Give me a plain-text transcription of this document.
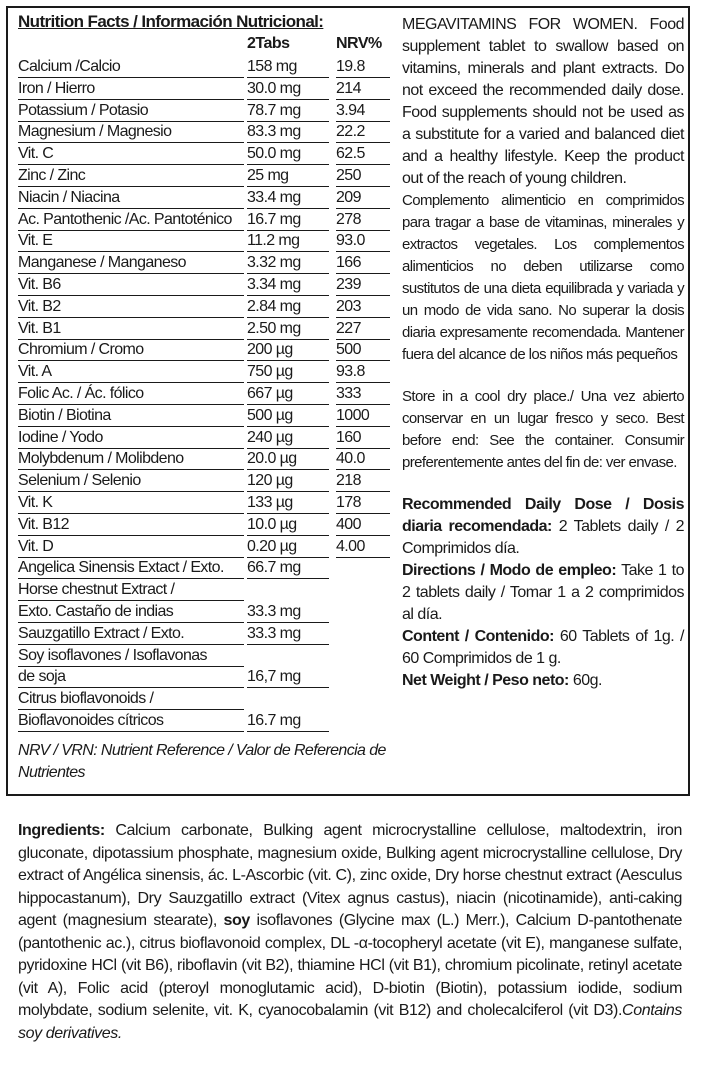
Nutrition Facts / Información Nutricional:
2Tabs	NRV%
Calcium /Calcio	158 mg 19.8
Iron / Hierro	30.0 mg 214
Potassium / Potasio	78.7 mg 3.94
Magnesium / Magnesio	83.3 mg 22.2
Vit. C	50.0 mg 62.5
Zinc / Zinc	25 mg	250
Niacin / Niacina	33.4 mg 209
Ac. Pantothenic /Ac. Pantoténico 16.7 mg 278
Vit. E	11.2 mg 93.0
Manganese / Manganeso	3.32 mg 166
Vit. B6	3.34 mg 239
Vit. B2	2.84 mg 203
Vit. B1	2.50 mg 227
Chromium / Cromo	200 µg	500
Vit. A	750 µg	93.8
Folic Ac. / Ác. fólico	667 µg	333
Biotin / Biotina	500 µg	1000
Iodine / Yodo	240 µg	160
Molybdenum / Molibdeno	20.0 µg 40.0
Selenium / Selenio	120 µg	218
Vit. K	133 µg	178
Vit. B12	10.0 µg 400
Vit. D	0.20 µg 4.00
Angelica Sinensis Extact / Exto. 66.7 mg
Horse chestnut Extract /
Exto. Castaño de indias	33.3 mg
Sauzgatillo Extract / Exto.	33.3 mg
Soy isoflavones / Isoflavonas
de soja	16,7 mg
Citrus bioflavonoids /
Bioflavonoides cítricos	16.7 mg
NRV / VRN: Nutrient Reference / Valor de Referencia de Nutrientes

MEGAVITAMINS FOR WOMEN. Food supplement tablet to swallow based on vitamins, minerals and plant extracts. Do not exceed the recommended daily dose. Food supplements should not be used as a substitute for a varied and balanced diet and a healthy lifestyle. Keep the product out of the reach of young children.

Complemento alimenticio en comprimidos para tragar a base de vitaminas, minerales y extractos vegetales. Los complementos alimenticios no deben utilizarse como sustitutos de una dieta equilibrada y variada y un modo de vida sano. No superar la dosis diaria expresamente recomendada. Mantener fuera del alcance de los niños más pequeños

Store in a cool dry place./ Una vez abierto conservar en un lugar fresco y seco. Best before end: See the container. Consumir preferentemente antes del fin de: ver envase.

Recommended Daily Dose / Dosis diaria recomendada: 2 Tablets daily / 2 Comprimidos día.

Directions / Modo de empleo: Take 1 to 2 tablets daily / Tomar 1 a 2 comprimidos al día.

Content / Contenido: 60 Tablets of 1g. / 60 Comprimidos de 1 g.

Net Weight / Peso neto: 60g.

Ingredients: Calcium carbonate, Bulking agent microcrystalline cellulose, maltodextrin, iron gluconate, dipotassium phosphate, magnesium oxide, Bulking agent microcrystalline cellulose, Dry extract of Angélica sinensis, ác. L-Ascorbic (vit. C), zinc oxide, Dry horse chestnut extract (Aesculus hippocastanum), Dry Sauzgatillo extract (Vitex agnus castus), niacin (nicotinamide), anti-caking agent (magnesium stearate), soy isoflavones (Glycine max (L.) Merr.), Calcium D-pantothenate (pantothenic ac.), citrus bioflavonoid complex, DL -α-tocopheryl acetate (vit E), manganese sulfate, pyridoxine HCl (vit B6), riboflavin (vit B2), thiamine HCl (vit B1), chromium picolinate, retinyl acetate (vit A), Folic acid (pteroyl monoglutamic acid), D-biotin (Biotin), potassium iodide, sodium molybdate, sodium selenite, vit. K, cyanocobalamin (vit B12) and cholecalciferol (vit D3).Contains soy derivatives.
